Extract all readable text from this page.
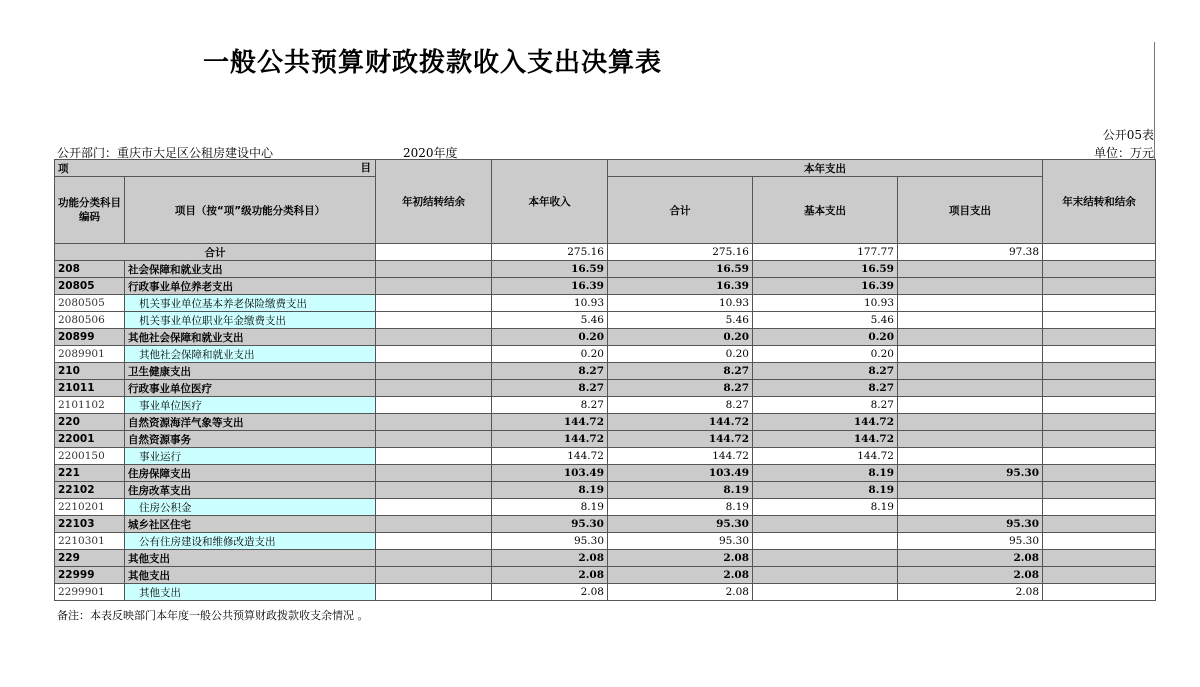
一般公共预算财政拨款收入支出决算表
公开05表
公开部门：重庆市大足区公租房建设中心	2020年度	单位：万元
项 目		年初结转结余	本年收入	本年支出			年末结转和结余
功能分类科目编码	项目（按“项”级功能分类科目）			合计	基本支出	项目支出	
合计			275.16	275.16	177.77	97.38	
208	社会保障和就业支出		16.59	16.59	16.59		
20805	行政事业单位养老支出		16.39	16.39	16.39		
2080505	机关事业单位基本养老保险缴费支出		10.93	10.93	10.93		
2080506	机关事业单位职业年金缴费支出		5.46	5.46	5.46		
20899	其他社会保障和就业支出		0.20	0.20	0.20		
2089901	其他社会保障和就业支出		0.20	0.20	0.20		
210	卫生健康支出		8.27	8.27	8.27		
21011	行政事业单位医疗		8.27	8.27	8.27		
2101102	事业单位医疗		8.27	8.27	8.27		
220	自然资源海洋气象等支出		144.72	144.72	144.72		
22001	自然资源事务		144.72	144.72	144.72		
2200150	事业运行		144.72	144.72	144.72		
221	住房保障支出		103.49	103.49	8.19	95.30	
22102	住房改革支出		8.19	8.19	8.19		
2210201	住房公积金		8.19	8.19	8.19		
22103	城乡社区住宅		95.30	95.30		95.30	
2210301	公有住房建设和维修改造支出		95.30	95.30		95.30	
229	其他支出		2.08	2.08		2.08	
22999	其他支出		2.08	2.08		2.08	
2299901	其他支出		2.08	2.08		2.08	
备注：本表反映部门本年度一般公共预算财政拨款收支余情况 。
